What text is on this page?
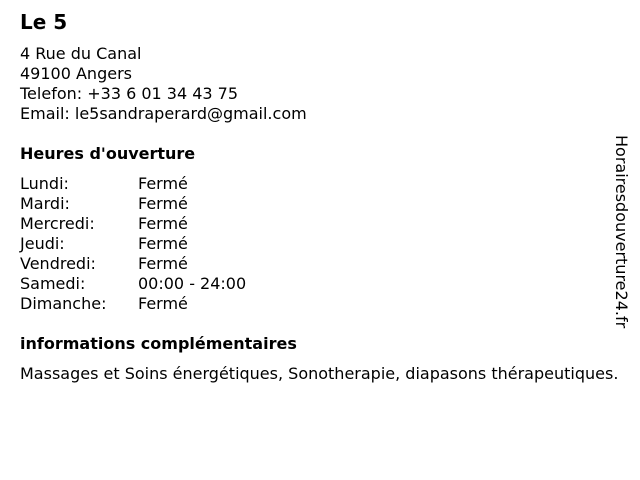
Le 5
4 Rue du Canal
49100 Angers
Telefon: +33 6 01 34 43 75
Email: le5sandraperard@gmail.com
Heures d'ouverture
Lundi:	Fermé
Mardi:	Fermé
Mercredi:	Fermé
Jeudi:	Fermé
Vendredi:	Fermé
Samedi:	00:00 - 24:00
Dimanche: Fermé
informations complémentaires
Massages et Soins énergétiques, Sonotherapie, diapasons thérapeutiques.
Horairesdouverture24.fr
